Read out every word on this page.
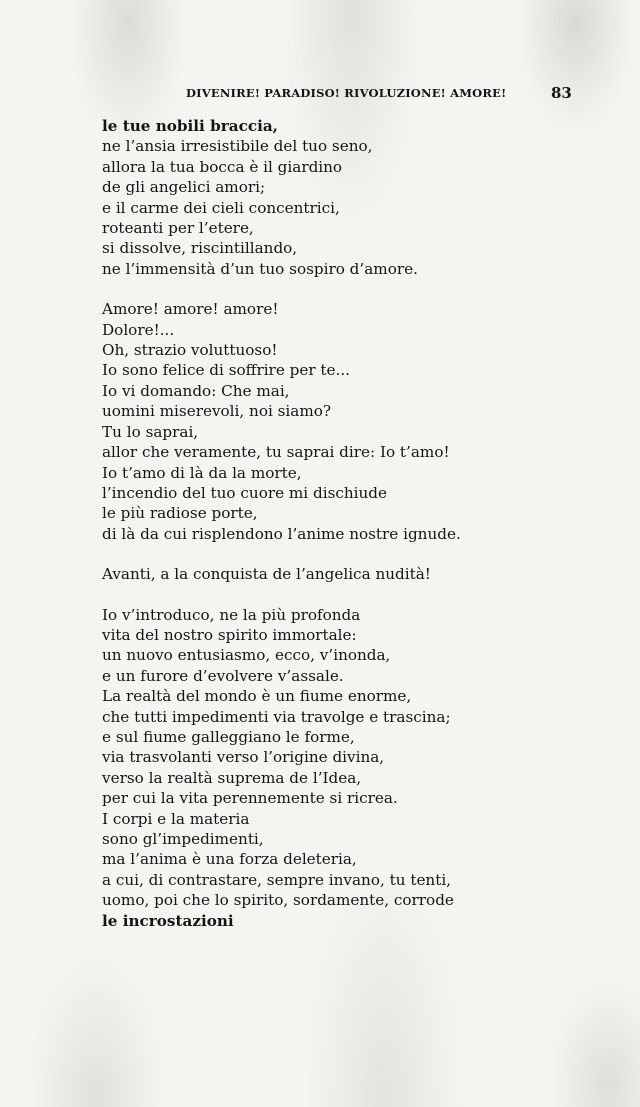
DIVENIRE! PARADISO! RIVOLUZIONE! AMORE!	83
le tue nobili braccia,
ne l’ansia irresistibile del tuo seno,
allora la tua bocca è il giardino
de gli angelici amori;
e il carme dei cieli concentrici,
roteanti per l’etere,
si dissolve, riscintillando,
ne l’immensità d’un tuo sospiro d’amore.
Amore! amore! amore!
Dolore!...
Oh, strazio voluttuoso!
Io sono felice di soffrire per te...
Io vi domando: Che mai,
uomini miserevoli, noi siamo?
Tu lo saprai,
allor che veramente, tu saprai dire: Io t’amo!
Io t’amo di là da la morte,
l’incendio del tuo cuore mi dischiude
le più radiose porte,
di là da cui risplendono l’anime nostre ignude.
Avanti, a la conquista de l’angelica nudità!
Io v’introduco, ne la più profonda
vita del nostro spirito immortale:
un nuovo entusiasmo, ecco, v’inonda,
e un furore d’evolvere v’assale.
La realtà del mondo è un fiume enorme,
che tutti impedimenti via travolge e trascina;
e sul fiume galleggiano le forme,
via trasvolanti verso l’origine divina,
verso la realtà suprema de l’Idea,
per cui la vita perennemente si ricrea.
I corpi e la materia
sono gl’impedimenti,
ma l’anima è una forza deleteria,
a cui, di contrastare, sempre invano, tu tenti,
uomo, poi che lo spirito, sordamente, corrode
le incrostazioni
